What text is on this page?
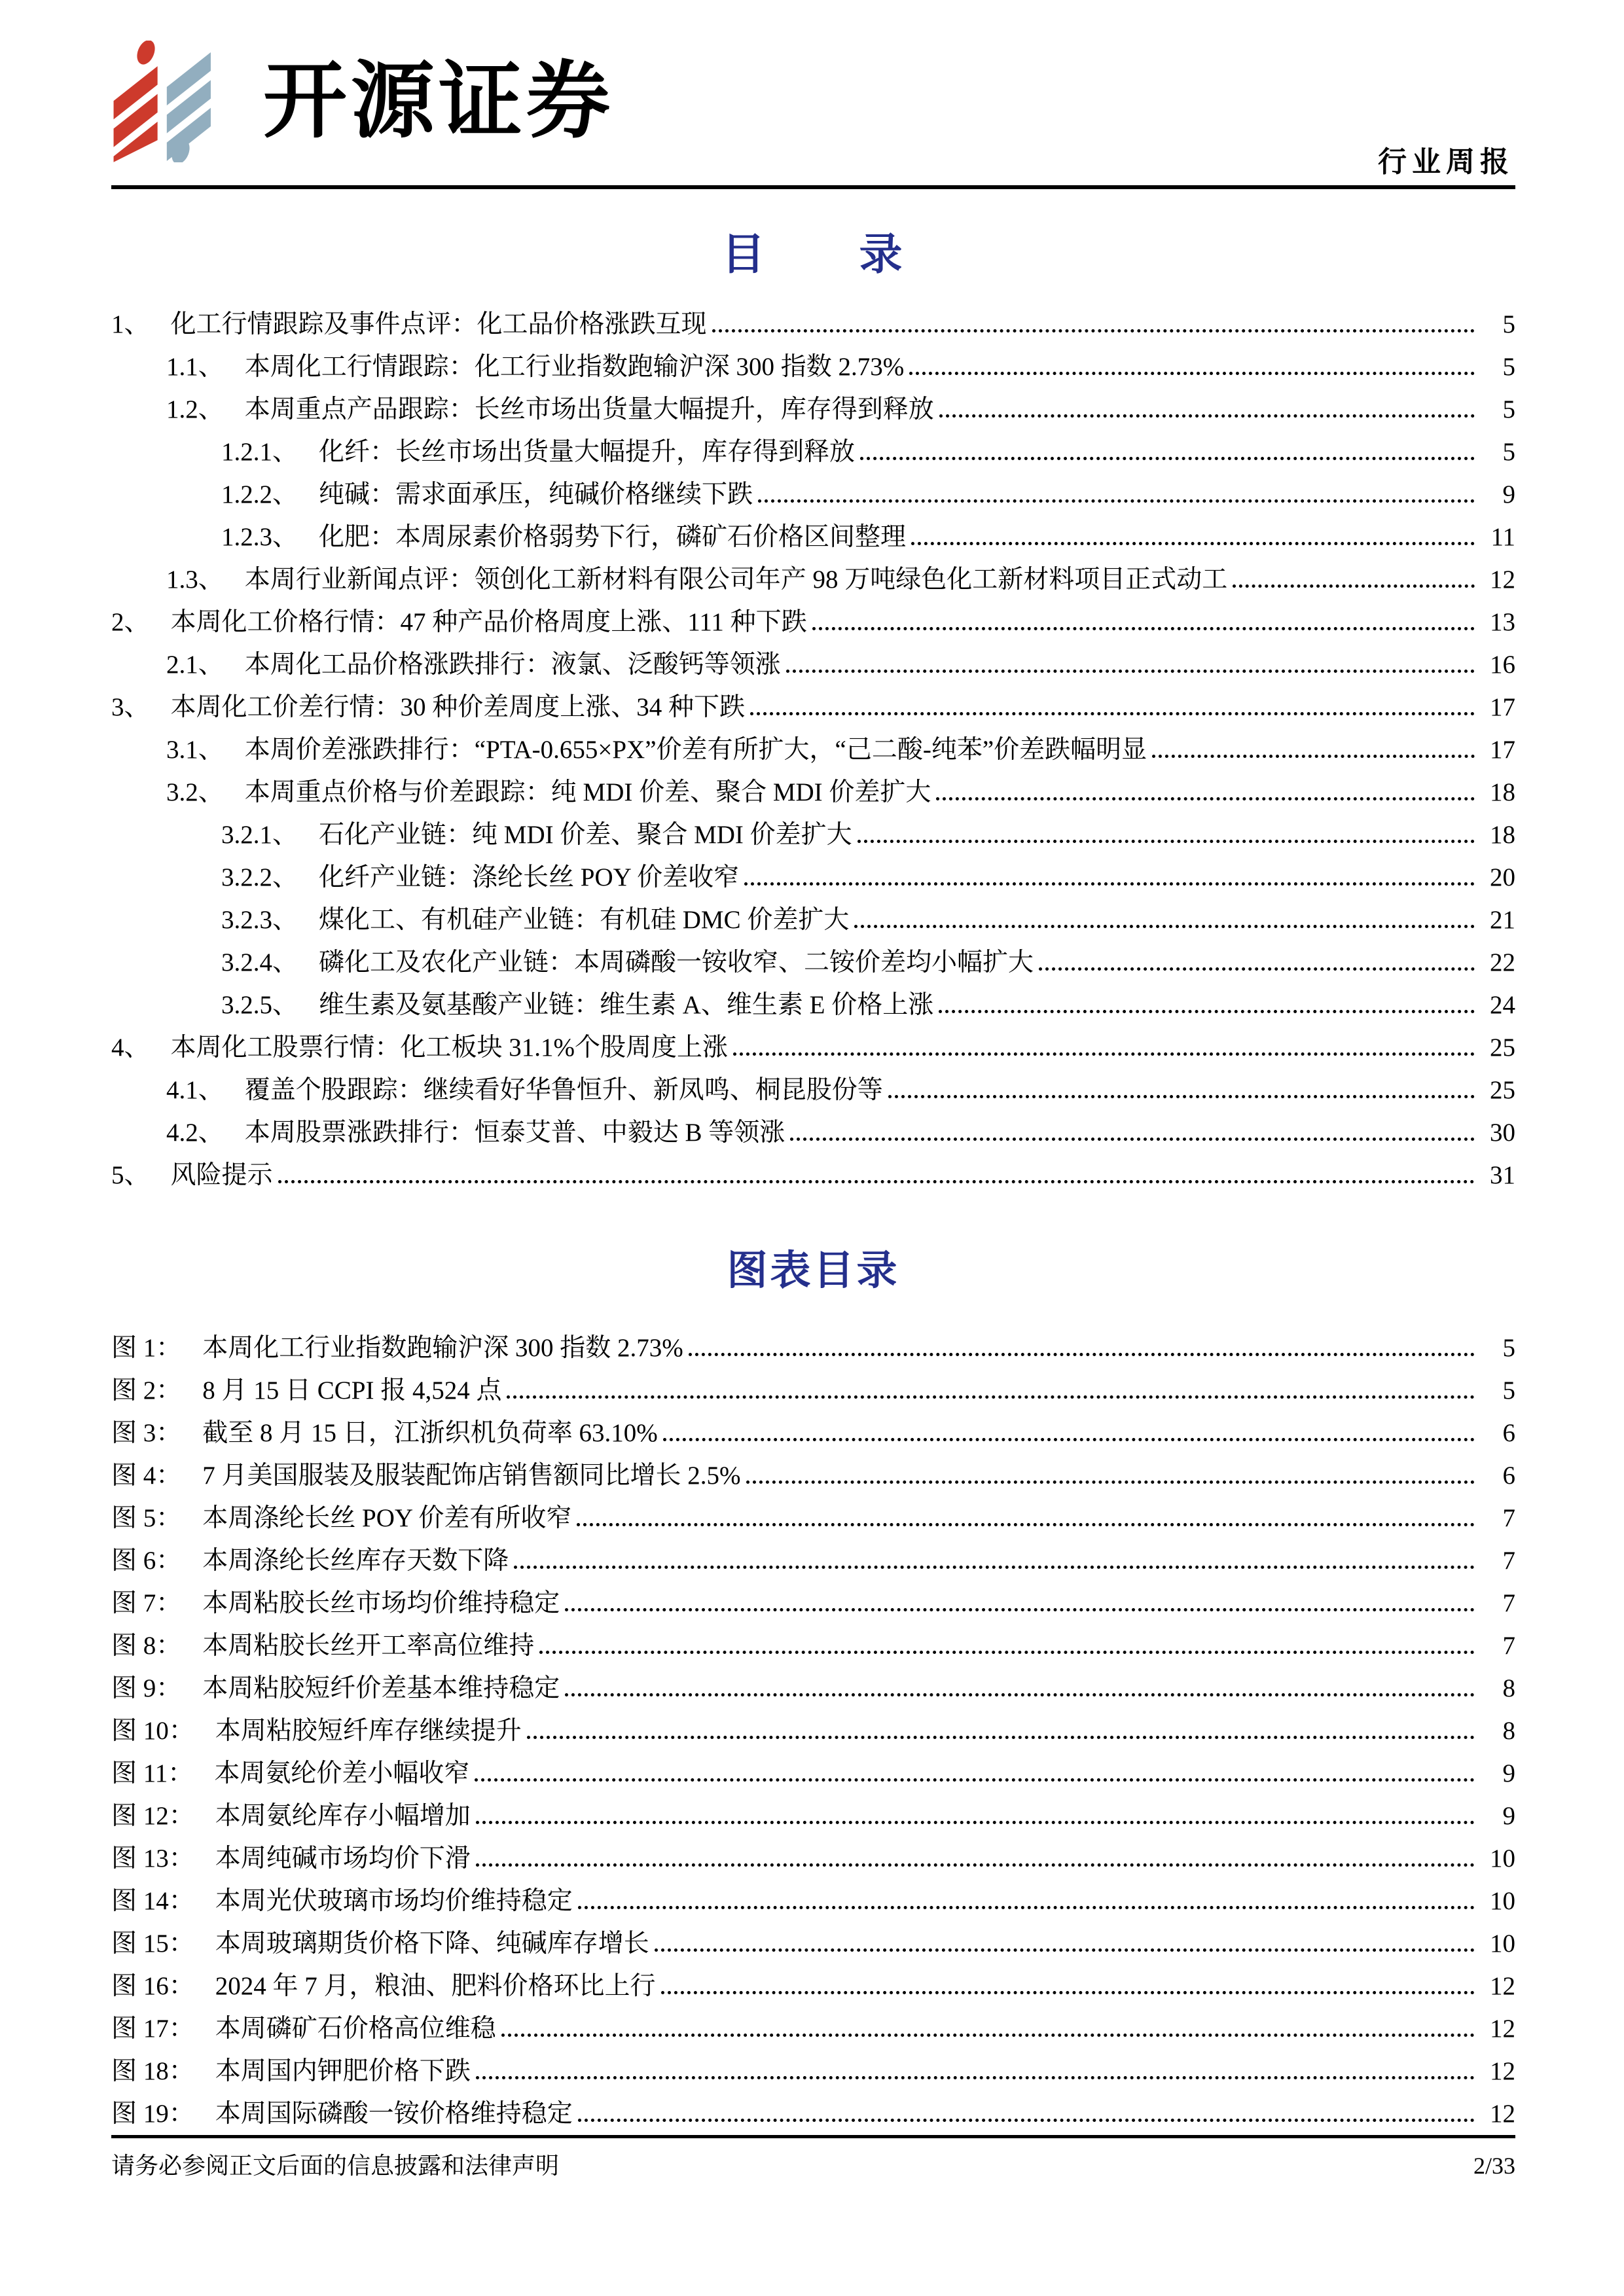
开源证券
行业周报
目　　录
1、 化工行情跟踪及事件点评：化工品价格涨跌互现	5
1.1、 本周化工行情跟踪：化工行业指数跑输沪深 300 指数 2.73%	5
1.2、 本周重点产品跟踪：长丝市场出货量大幅提升，库存得到释放	5
1.2.1、 化纤：长丝市场出货量大幅提升，库存得到释放	5
1.2.2、 纯碱：需求面承压，纯碱价格继续下跌	9
1.2.3、 化肥：本周尿素价格弱势下行，磷矿石价格区间整理	11
1.3、 本周行业新闻点评：领创化工新材料有限公司年产 98 万吨绿色化工新材料项目正式动工	12
2、 本周化工价格行情：47 种产品价格周度上涨、111 种下跌	13
2.1、 本周化工品价格涨跌排行：液氯、泛酸钙等领涨	16
3、 本周化工价差行情：30 种价差周度上涨、34 种下跌	17
3.1、 本周价差涨跌排行：“PTA-0.655×PX”价差有所扩大，“己二酸-纯苯”价差跌幅明显	17
3.2、 本周重点价格与价差跟踪：纯 MDI 价差、聚合 MDI 价差扩大	18
3.2.1、 石化产业链：纯 MDI 价差、聚合 MDI 价差扩大	18
3.2.2、 化纤产业链：涤纶长丝 POY 价差收窄	20
3.2.3、 煤化工、有机硅产业链：有机硅 DMC 价差扩大	21
3.2.4、 磷化工及农化产业链：本周磷酸一铵收窄、二铵价差均小幅扩大	22
3.2.5、 维生素及氨基酸产业链：维生素 A、维生素 E 价格上涨	24
4、 本周化工股票行情：化工板块 31.1%个股周度上涨	25
4.1、 覆盖个股跟踪：继续看好华鲁恒升、新凤鸣、桐昆股份等	25
4.2、 本周股票涨跌排行：恒泰艾普、中毅达 B 等领涨	30
5、 风险提示	31
图表目录
图 1： 本周化工行业指数跑输沪深 300 指数 2.73%	5
图 2： 8 月 15 日 CCPI 报 4,524 点	5
图 3： 截至 8 月 15 日，江浙织机负荷率 63.10%	6
图 4： 7 月美国服装及服装配饰店销售额同比增长 2.5%	6
图 5： 本周涤纶长丝 POY 价差有所收窄	7
图 6： 本周涤纶长丝库存天数下降	7
图 7： 本周粘胶长丝市场均价维持稳定	7
图 8： 本周粘胶长丝开工率高位维持	7
图 9： 本周粘胶短纤价差基本维持稳定	8
图 10： 本周粘胶短纤库存继续提升	8
图 11： 本周氨纶价差小幅收窄	9
图 12： 本周氨纶库存小幅增加	9
图 13： 本周纯碱市场均价下滑	10
图 14： 本周光伏玻璃市场均价维持稳定	10
图 15： 本周玻璃期货价格下降、纯碱库存增长	10
图 16： 2024 年 7 月，粮油、肥料价格环比上行	12
图 17： 本周磷矿石价格高位维稳	12
图 18： 本周国内钾肥价格下跌	12
图 19： 本周国际磷酸一铵价格维持稳定	12
请务必参阅正文后面的信息披露和法律声明	2/33
